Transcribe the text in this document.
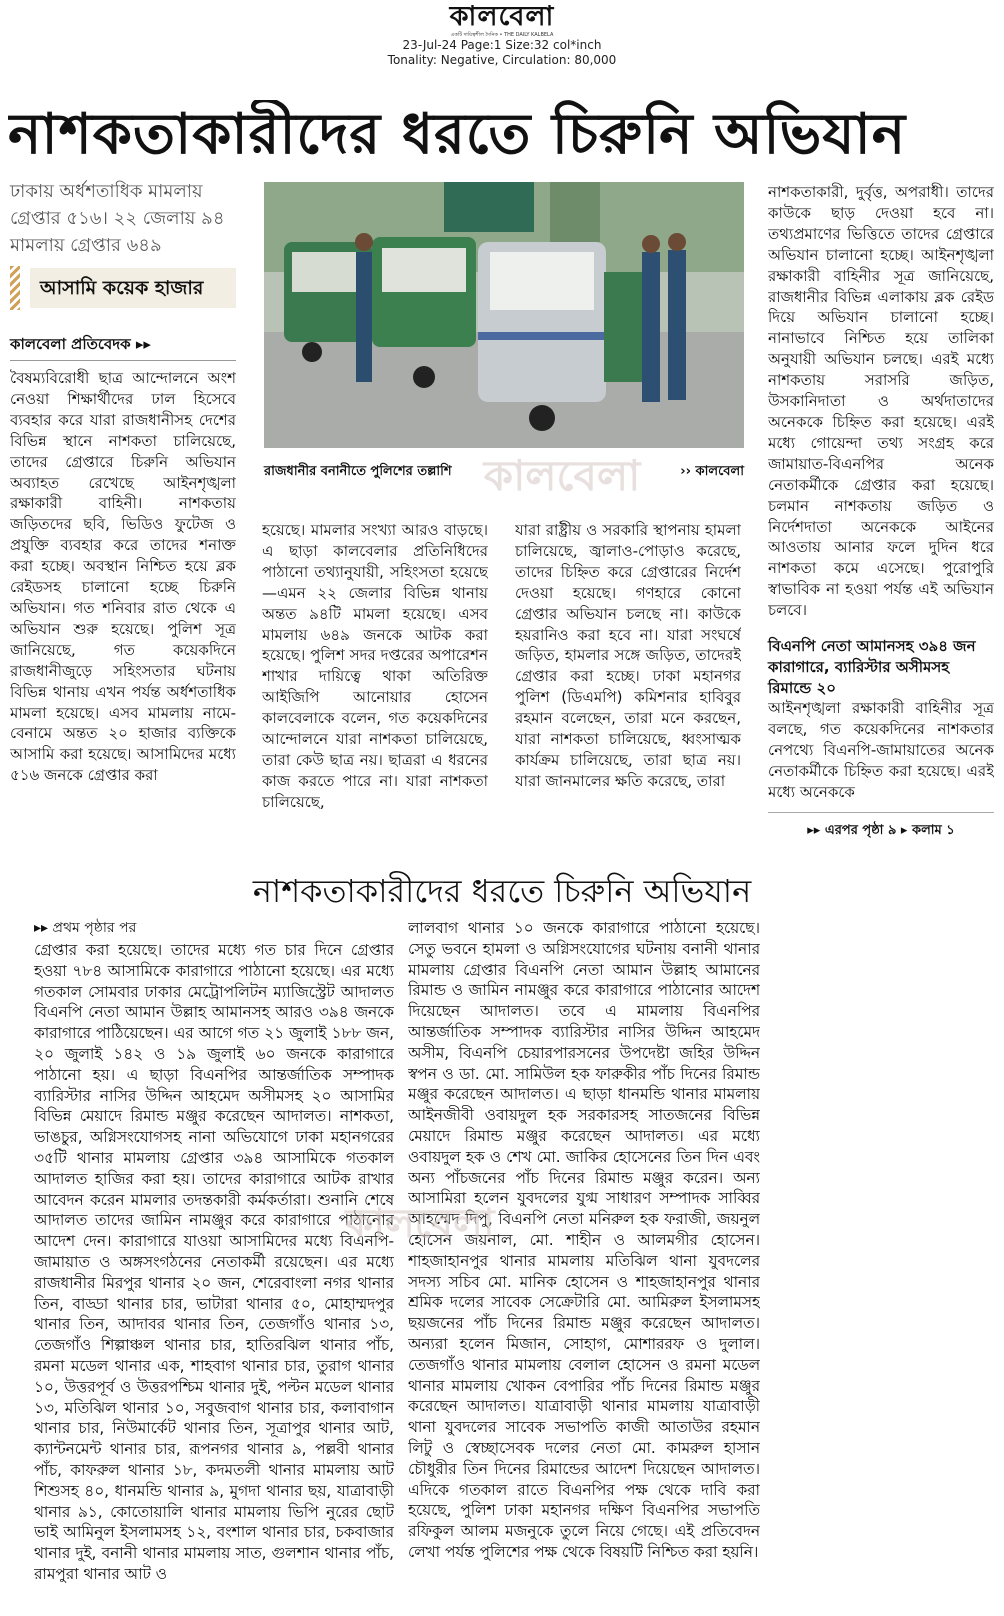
কালবেলা
একটি দায়িত্বশীল দৈনিক • THE DAILY KALBELA
23-Jul-24 Page:1 Size:32 col*inch
Tonality: Negative, Circulation: 80,000
নাশকতাকারীদের ধরতে চিরুনি অভিযান
ঢাকায় অর্ধশতাধিক মামলায় গ্রেপ্তার ৫১৬। ২২ জেলায় ৯৪ মামলায় গ্রেপ্তার ৬৪৯
আসামি কয়েক হাজার
কালবেলা প্রতিবেদক ▸▸
রাজধানীর বনানীতে পুলিশের তল্লাশি	›› কালবেলা
কালবেলা
বৈষম্যবিরোধী ছাত্র আন্দোলনে অংশ নেওয়া শিক্ষার্থীদের ঢাল হিসেবে ব্যবহার করে যারা রাজধানীসহ দেশের বিভিন্ন স্থানে নাশকতা চালিয়েছে, তাদের গ্রেপ্তারে চিরুনি অভিযান অব্যাহত রেখেছে আইনশৃঙ্খলা রক্ষাকারী বাহিনী। নাশকতায় জড়িতদের ছবি, ভিডিও ফুটেজ ও প্রযুক্তি ব্যবহার করে তাদের শনাক্ত করা হচ্ছে। অবস্থান নিশ্চিত হয়ে ব্লক রেইডসহ চালানো হচ্ছে চিরুনি অভিযান। গত শনিবার রাত থেকে এ অভিযান শুরু হয়েছে। পুলিশ সূত্র জানিয়েছে, গত কয়েকদিনে রাজধানীজুড়ে সহিংসতার ঘটনায় বিভিন্ন থানায় এখন পর্যন্ত অর্ধশতাধিক মামলা হয়েছে। এসব মামলায় নামে-বেনামে অন্তত ২০ হাজার ব্যক্তিকে আসামি করা হয়েছে। আসামিদের মধ্যে ৫১৬ জনকে গ্রেপ্তার করা
হয়েছে। মামলার সংখ্যা আরও বাড়ছে। এ ছাড়া কালবেলার প্রতিনিধিদের পাঠানো তথ্যানুযায়ী, সহিংসতা হয়েছে—এমন ২২ জেলার বিভিন্ন থানায় অন্তত ৯৪টি মামলা হয়েছে। এসব মামলায় ৬৪৯ জনকে আটক করা হয়েছে। পুলিশ সদর দপ্তরের অপারেশন শাখার দায়িত্বে থাকা অতিরিক্ত আইজিপি আনোয়ার হোসেন কালবেলাকে বলেন, গত কয়েকদিনের আন্দোলনে যারা নাশকতা চালিয়েছে, তারা কেউ ছাত্র নয়। ছাত্ররা এ ধরনের কাজ করতে পারে না। যারা নাশকতা চালিয়েছে,
যারা রাষ্ট্রীয় ও সরকারি স্থাপনায় হামলা চালিয়েছে, জ্বালাও-পোড়াও করেছে, তাদের চিহ্নিত করে গ্রেপ্তারের নির্দেশ দেওয়া হয়েছে। গণহারে কোনো গ্রেপ্তার অভিযান চলছে না। কাউকে হয়রানিও করা হবে না। যারা সংঘর্ষে জড়িত, হামলার সঙ্গে জড়িত, তাদেরই গ্রেপ্তার করা হচ্ছে। ঢাকা মহানগর পুলিশ (ডিএমপি) কমিশনার হাবিবুর রহমান বলেছেন, তারা মনে করছেন, যারা নাশকতা চালিয়েছে, ধ্বংসাত্মক কার্যক্রম চালিয়েছে, তারা ছাত্র নয়। যারা জানমালের ক্ষতি করেছে, তারা
নাশকতাকারী, দুর্বৃত্ত, অপরাধী। তাদের কাউকে ছাড় দেওয়া হবে না। তথ্যপ্রমাণের ভিত্তিতে তাদের গ্রেপ্তারে অভিযান চালানো হচ্ছে। আইনশৃঙ্খলা রক্ষাকারী বাহিনীর সূত্র জানিয়েছে, রাজধানীর বিভিন্ন এলাকায় ব্লক রেইড দিয়ে অভিযান চালানো হচ্ছে। নানাভাবে নিশ্চিত হয়ে তালিকা অনুযায়ী অভিযান চলছে। এরই মধ্যে নাশকতায় সরাসরি জড়িত, উসকানিদাতা ও অর্থদাতাদের অনেককে চিহ্নিত করা হয়েছে। এরই মধ্যে গোয়েন্দা তথ্য সংগ্রহ করে জামায়াত-বিএনপির অনেক নেতাকর্মীকে গ্রেপ্তার করা হয়েছে। চলমান নাশকতায় জড়িত ও নির্দেশদাতা অনেককে আইনের আওতায় আনার ফলে দুদিন ধরে নাশকতা কমে এসেছে। পুরোপুরি স্বাভাবিক না হওয়া পর্যন্ত এই অভিযান চলবে।
বিএনপি নেতা আমানসহ ৩৯৪ জন কারাগারে, ব্যারিস্টার অসীমসহ রিমান্ডে ২০
আইনশৃঙ্খলা রক্ষাকারী বাহিনীর সূত্র বলছে, গত কয়েকদিনের নাশকতার নেপথ্যে বিএনপি-জামায়াতের অনেক নেতাকর্মীকে চিহ্নিত করা হয়েছে। এরই মধ্যে অনেককে
▸▸ এরপর পৃষ্ঠা ৯ ▸ কলাম ১
নাশকতাকারীদের ধরতে চিরুনি অভিযান
▸▸ প্রথম পৃষ্ঠার পর
গ্রেপ্তার করা হয়েছে। তাদের মধ্যে গত চার দিনে গ্রেপ্তার হওয়া ৭৮৪ আসামিকে কারাগারে পাঠানো হয়েছে। এর মধ্যে গতকাল সোমবার ঢাকার মেট্রোপলিটন ম্যাজিস্ট্রেট আদালত বিএনপি নেতা আমান উল্লাহ আমানসহ আরও ৩৯৪ জনকে কারাগারে পাঠিয়েছেন। এর আগে গত ২১ জুলাই ১৮৮ জন, ২০ জুলাই ১৪২ ও ১৯ জুলাই ৬০ জনকে কারাগারে পাঠানো হয়। এ ছাড়া বিএনপির আন্তর্জাতিক সম্পাদক ব্যারিস্টার নাসির উদ্দিন আহমেদ অসীমসহ ২০ আসামির বিভিন্ন মেয়াদে রিমান্ড মঞ্জুর করেছেন আদালত। নাশকতা, ভাঙচুর, অগ্নিসংযোগসহ নানা অভিযোগে ঢাকা মহানগরের ৩৫টি থানার মামলায় গ্রেপ্তার ৩৯৪ আসামিকে গতকাল আদালত হাজির করা হয়। তাদের কারাগারে আটক রাখার আবেদন করেন মামলার তদন্তকারী কর্মকর্তারা। শুনানি শেষে আদালত তাদের জামিন নামঞ্জুর করে কারাগারে পাঠানোর আদেশ দেন। কারাগারে যাওয়া আসামিদের মধ্যে বিএনপি-জামায়াত ও অঙ্গসংগঠনের নেতাকর্মী রয়েছেন। এর মধ্যে রাজধানীর মিরপুর থানার ২০ জন, শেরেবাংলা নগর থানার তিন, বাড্ডা থানার চার, ভাটারা থানার ৫০, মোহাম্মদপুর থানার তিন, আদাবর থানার তিন, তেজগাঁও থানার ১৩, তেজগাঁও শিল্পাঞ্চল থানার চার, হাতিরঝিল থানার পাঁচ, রমনা মডেল থানার এক, শাহবাগ থানার চার, তুরাগ থানার ১০, উত্তরপূর্ব ও উত্তরপশ্চিম থানার দুই, পল্টন মডেল থানার ১৩, মতিঝিল থানার ১০, সবুজবাগ থানার চার, কলাবাগান থানার চার, নিউমার্কেট থানার তিন, সূত্রাপুর থানার আট, ক্যান্টনমেন্ট থানার চার, রূপনগর থানার ৯, পল্লবী থানার পাঁচ, কাফরুল থানার ১৮, কদমতলী থানার মামলায় আট শিশুসহ ৪০, ধানমন্ডি থানার ৯, মুগদা থানার ছয়, যাত্রাবাড়ী থানার ৯১, কোতোয়ালি থানার মামলায় ভিপি নুরের ছোট ভাই আমিনুল ইসলামসহ ১২, বংশাল থানার চার, চকবাজার থানার দুই, বনানী থানার মামলায় সাত, গুলশান থানার পাঁচ, রামপুরা থানার আট ও
লালবাগ থানার ১০ জনকে কারাগারে পাঠানো হয়েছে। সেতু ভবনে হামলা ও অগ্নিসংযোগের ঘটনায় বনানী থানার মামলায় গ্রেপ্তার বিএনপি নেতা আমান উল্লাহ আমানের রিমান্ড ও জামিন নামঞ্জুর করে কারাগারে পাঠানোর আদেশ দিয়েছেন আদালত। তবে এ মামলায় বিএনপির আন্তর্জাতিক সম্পাদক ব্যারিস্টার নাসির উদ্দিন আহমেদ অসীম, বিএনপি চেয়ারপারসনের উপদেষ্টা জহির উদ্দিন স্বপন ও ডা. মো. সামিউল হক ফারুকীর পাঁচ দিনের রিমান্ড মঞ্জুর করেছেন আদালত। এ ছাড়া ধানমন্ডি থানার মামলায় আইনজীবী ওবায়দুল হক সরকারসহ সাতজনের বিভিন্ন মেয়াদে রিমান্ড মঞ্জুর করেছেন আদালত। এর মধ্যে ওবায়দুল হক ও শেখ মো. জাকির হোসেনের তিন দিন এবং অন্য পাঁচজনের পাঁচ দিনের রিমান্ড মঞ্জুর করেন। অন্য আসামিরা হলেন যুবদলের যুগ্ম সাধারণ সম্পাদক সাব্বির আহম্মেদ দিপু, বিএনপি নেতা মনিরুল হক ফরাজী, জয়নুল হোসেন জয়নাল, মো. শাহীন ও আলমগীর হোসেন। শাহজাহানপুর থানার মামলায় মতিঝিল থানা যুবদলের সদস্য সচিব মো. মানিক হোসেন ও শাহজাহানপুর থানার শ্রমিক দলের সাবেক সেক্রেটারি মো. আমিরুল ইসলামসহ ছয়জনের পাঁচ দিনের রিমান্ড মঞ্জুর করেছেন আদালত। অন্যরা হলেন মিজান, সোহাগ, মোশাররফ ও দুলাল। তেজগাঁও থানার মামলায় বেলাল হোসেন ও রমনা মডেল থানার মামলায় খোকন বেপারির পাঁচ দিনের রিমান্ড মঞ্জুর করেছেন আদালত। যাত্রাবাড়ী থানার মামলায় যাত্রাবাড়ী থানা যুবদলের সাবেক সভাপতি কাজী আতাউর রহমান লিটু ও স্বেচ্ছাসেবক দলের নেতা মো. কামরুল হাসান চৌধুরীর তিন দিনের রিমান্ডের আদেশ দিয়েছেন আদালত। এদিকে গতকাল রাতে বিএনপির পক্ষ থেকে দাবি করা হয়েছে, পুলিশ ঢাকা মহানগর দক্ষিণ বিএনপির সভাপতি রফিকুল আলম মজনুকে তুলে নিয়ে গেছে। এই প্রতিবেদন লেখা পর্যন্ত পুলিশের পক্ষ থেকে বিষয়টি নিশ্চিত করা হয়নি।
কালবেলা
